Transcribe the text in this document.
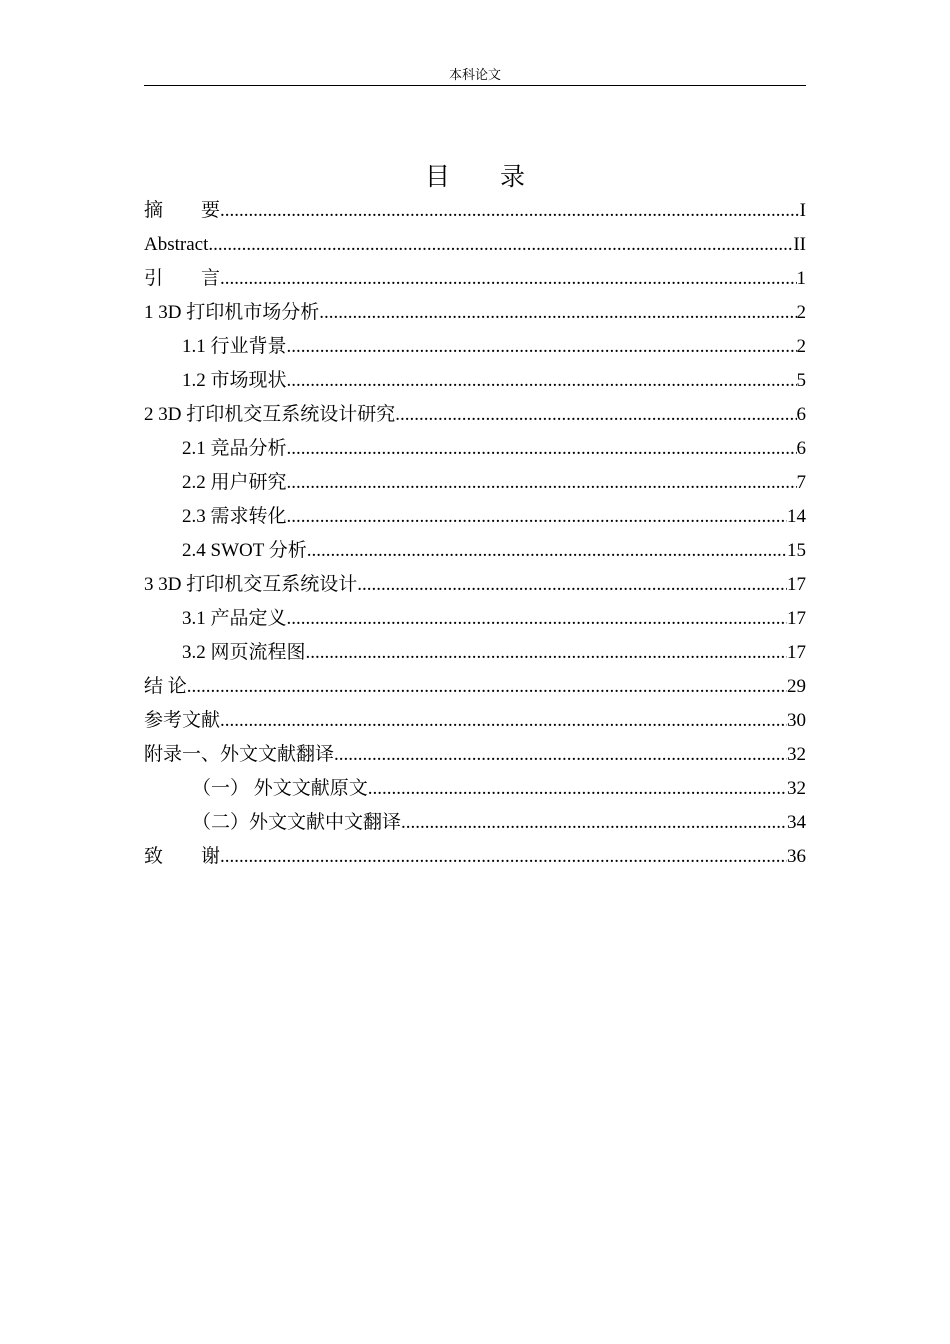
本科论文
目录
摘　　要 .....	I
Abstract .....	II
引　　言 .....	1
1 3D 打印机市场分析 .....	2
1.1 行业背景 .....	2
1.2 市场现状 .....	5
2 3D 打印机交互系统设计研究 .....	6
2.1 竞品分析 .....	6
2.2 用户研究 .....	7
2.3 需求转化 .....	14
2.4 SWOT 分析 .....	15
3 3D 打印机交互系统设计 .....	17
3.1 产品定义 .....	17
3.2 网页流程图 .....	17
结 论 .....	29
参考文献 .....	30
附录一、外文文献翻译 .....	32
（一） 外文文献原文 .....	32
（二）外文文献中文翻译 .....	34
致　　谢 .....	36
